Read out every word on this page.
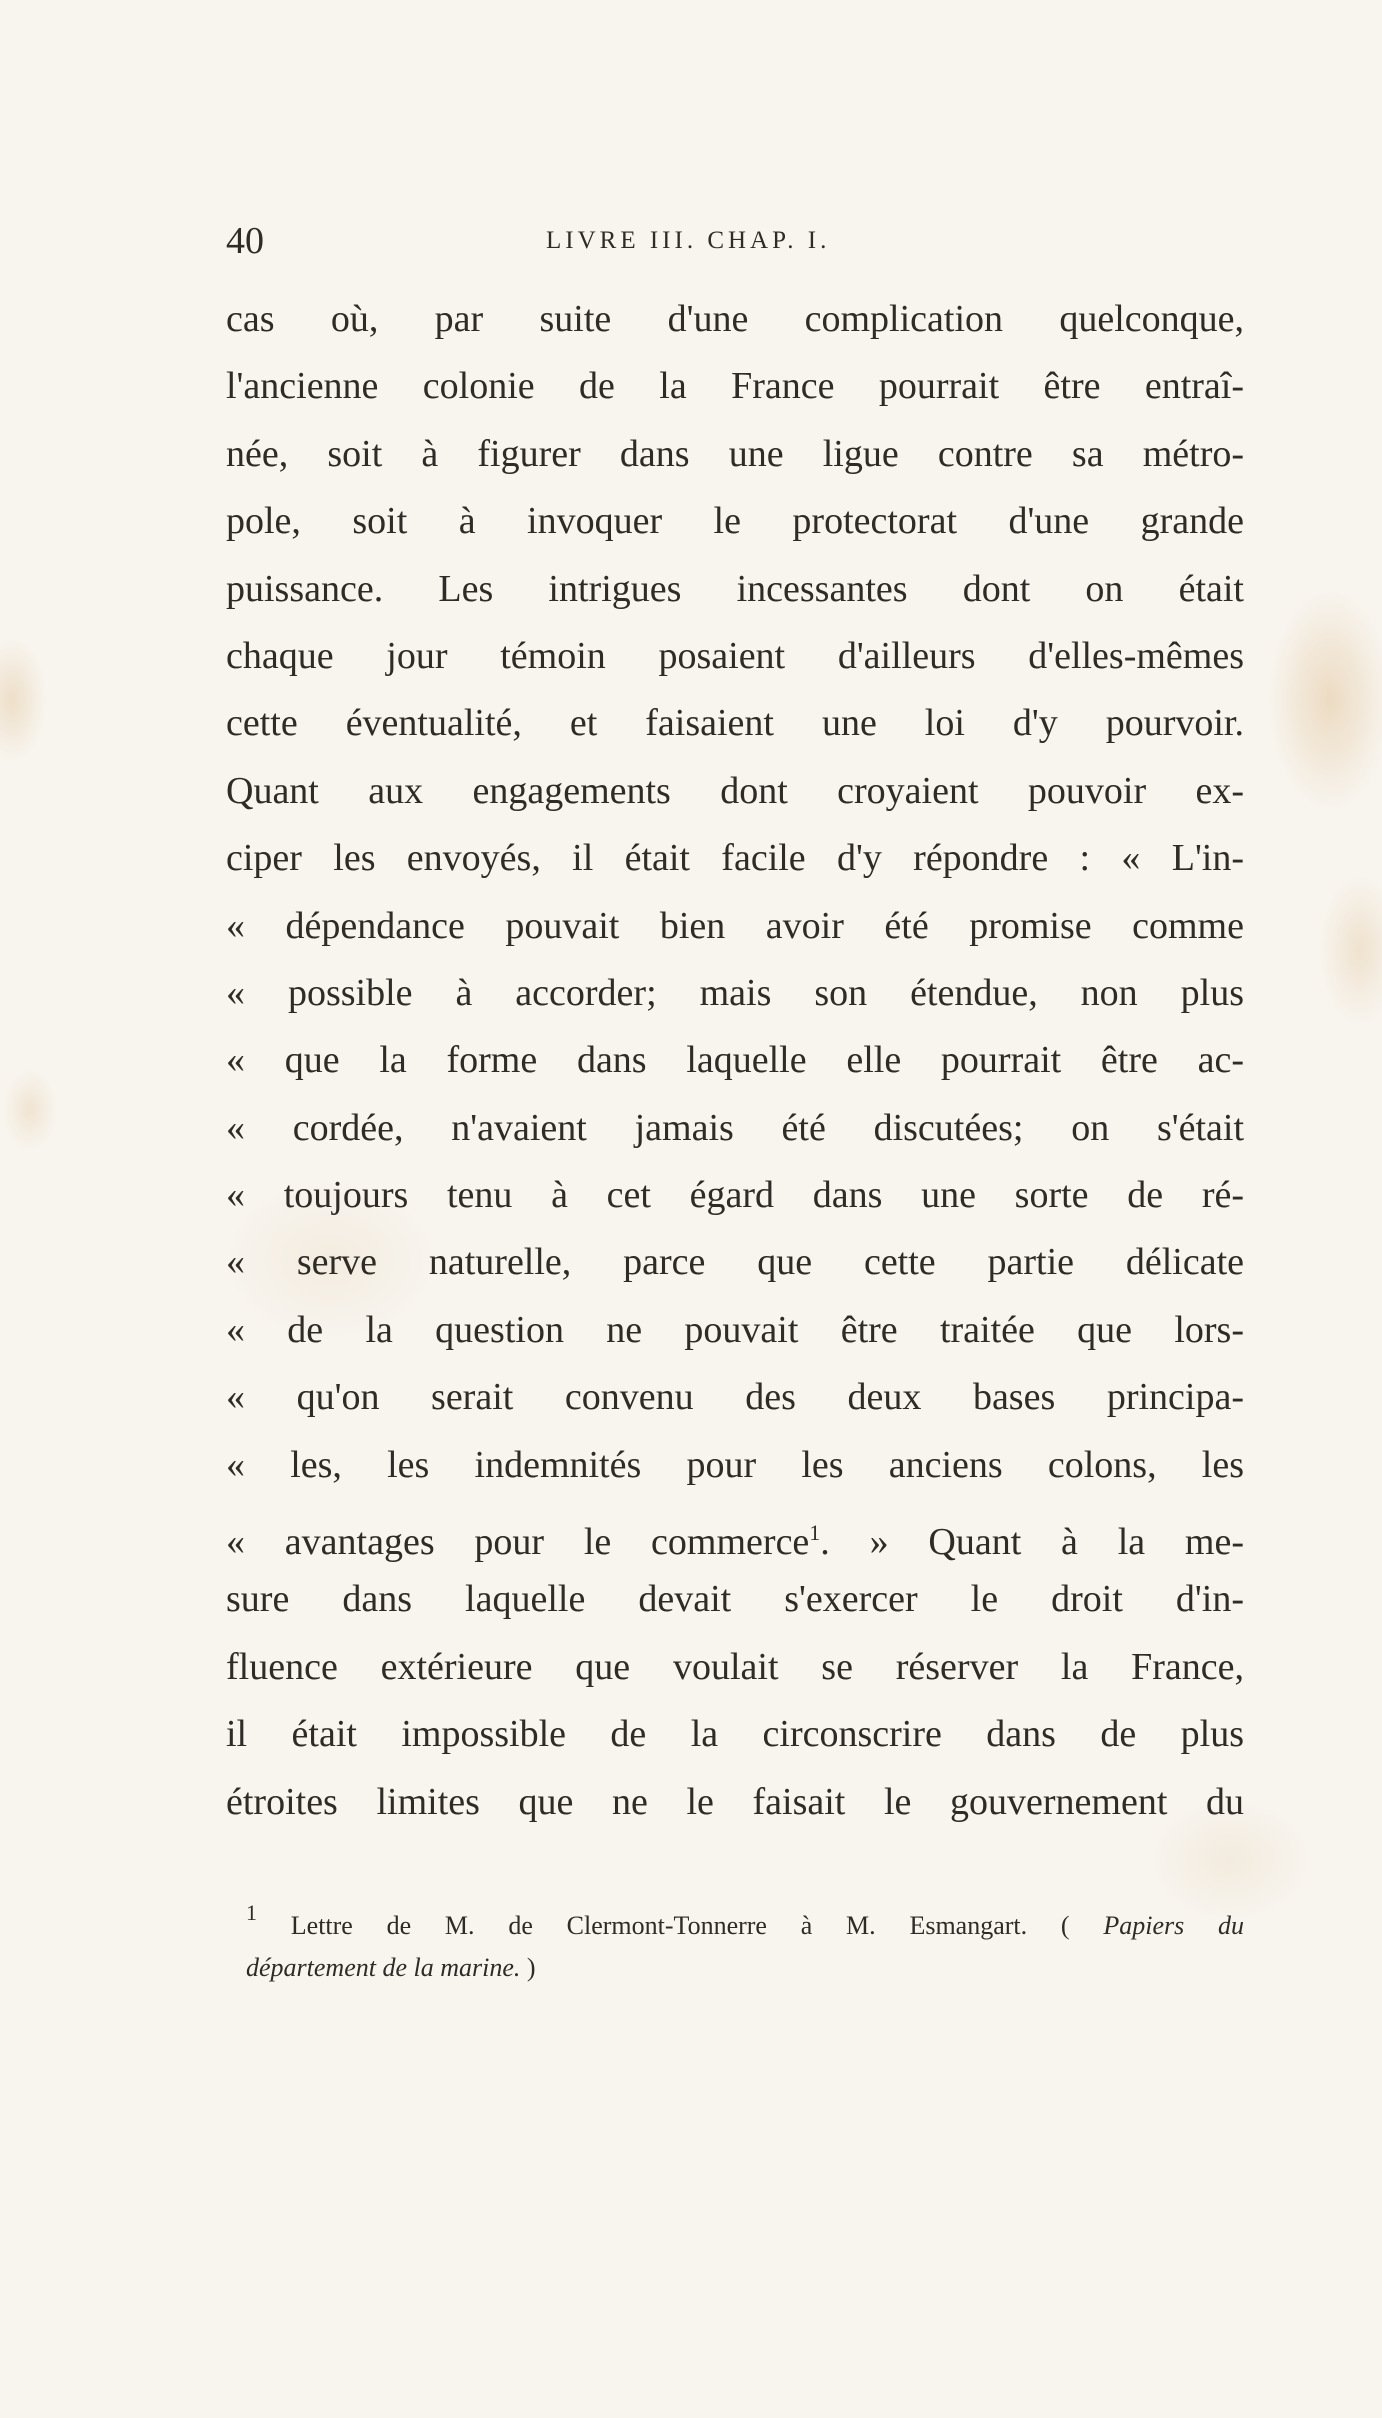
40	LIVRE III. CHAP. I.
cas où, par suite d'une complication quelconque,
l'ancienne colonie de la France pourrait être entraî-
née, soit à figurer dans une ligue contre sa métro-
pole, soit à invoquer le protectorat d'une grande
puissance. Les intrigues incessantes dont on était
chaque jour témoin posaient d'ailleurs d'elles-mêmes
cette éventualité, et faisaient une loi d'y pourvoir.
Quant aux engagements dont croyaient pouvoir ex-
ciper les envoyés, il était facile d'y répondre : « L'in-
« dépendance pouvait bien avoir été promise comme
« possible à accorder; mais son étendue, non plus
« que la forme dans laquelle elle pourrait être ac-
« cordée, n'avaient jamais été discutées; on s'était
« toujours tenu à cet égard dans une sorte de ré-
« serve naturelle, parce que cette partie délicate
« de la question ne pouvait être traitée que lors-
« qu'on serait convenu des deux bases principa-
« les, les indemnités pour les anciens colons, les
« avantages pour le commerce$^1$. » Quant à la me-
sure dans laquelle devait s'exercer le droit d'in-
fluence extérieure que voulait se réserver la France,
il était impossible de la circonscrire dans de plus
étroites limites que ne le faisait le gouvernement du
$^1$ Lettre de M. de Clermont-Tonnerre à M. Esmangart. ( Papiers du
département de la marine. )
